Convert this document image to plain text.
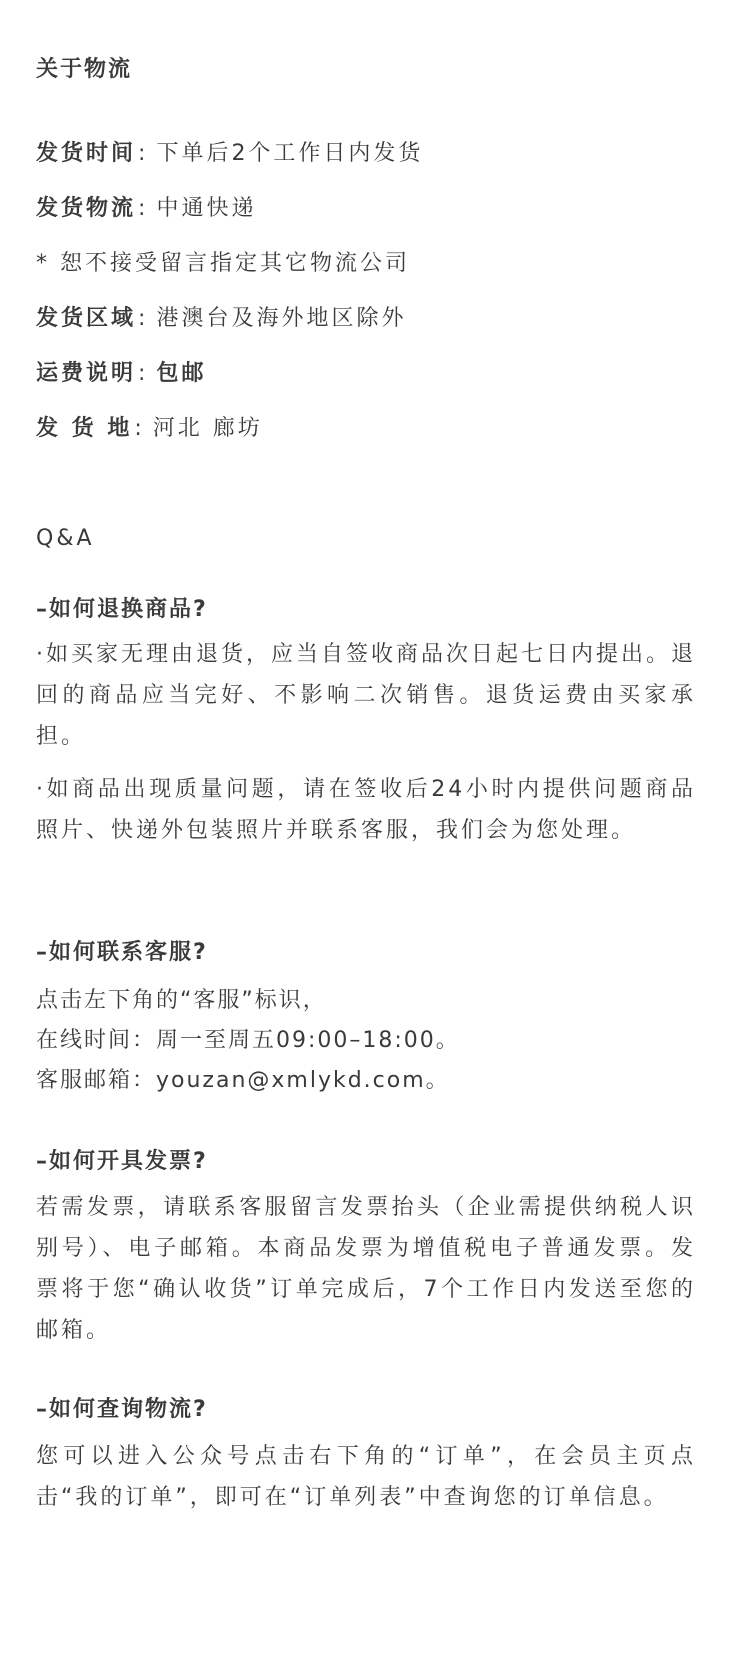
关于物流
发货时间: 下单后2个工作日内发货
发货物流: 中通快递
* 恕不接受留言指定其它物流公司
发货区域: 港澳台及海外地区除外
运费说明: 包邮
发 货 地: 河北 廊坊
Q&A
–如何退换商品?
·如买家无理由退货，应当自签收商品次日起七日内提出。退回的商品应当完好、不影响二次销售。退货运费由买家承担。
·如商品出现质量问题，请在签收后24小时内提供问题商品照片、快递外包装照片并联系客服，我们会为您处理。
–如何联系客服?
点击左下角的“客服”标识，
在线时间：周一至周五09:00–18:00。
客服邮箱：youzan@xmlykd.com。
–如何开具发票?
若需发票，请联系客服留言发票抬头（企业需提供纳税人识别号）、电子邮箱。本商品发票为增值税电子普通发票。发票将于您“确认收货”订单完成后，7个工作日内发送至您的邮箱。
–如何查询物流?
您可以进入公众号点击右下角的“订单”，在会员主页点击“我的订单”，即可在“订单列表”中查询您的订单信息。
